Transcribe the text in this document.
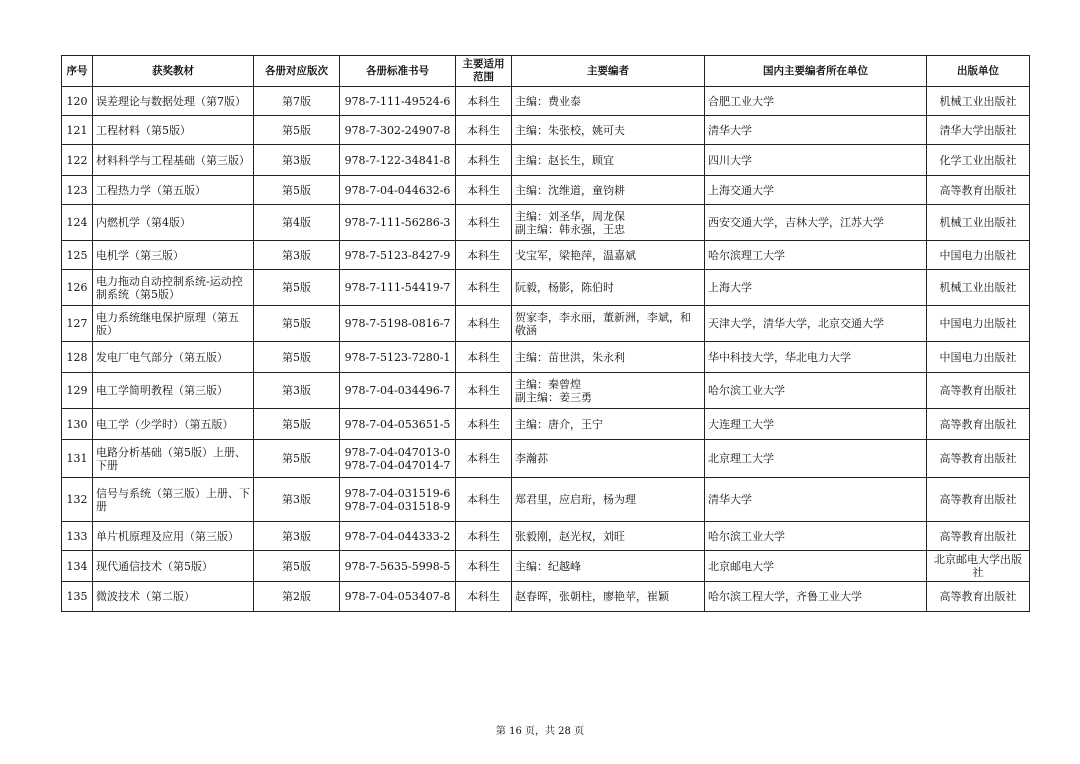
序号	获奖教材	各册对应版次	各册标准书号	主要适用范围	主要编者	国内主要编者所在单位	出版单位
120	误差理论与数据处理（第7版）	第7版	978-7-111-49524-6	本科生	主编：费业泰	合肥工业大学	机械工业出版社
121	工程材料（第5版）	第5版	978-7-302-24907-8	本科生	主编：朱张校，姚可夫	清华大学	清华大学出版社
122	材料科学与工程基础（第三版）	第3版	978-7-122-34841-8	本科生	主编：赵长生，顾宜	四川大学	化学工业出版社
123	工程热力学（第五版）	第5版	978-7-04-044632-6	本科生	主编：沈维道，童钧耕	上海交通大学	高等教育出版社
124	内燃机学（第4版）	第4版	978-7-111-56286-3	本科生	主编：刘圣华，周龙保
副主编：韩永强，王忠	西安交通大学，吉林大学，江苏大学	机械工业出版社
125	电机学（第三版）	第3版	978-7-5123-8427-9	本科生	戈宝军，梁艳萍，温嘉斌	哈尔滨理工大学	中国电力出版社
126	电力拖动自动控制系统-运动控制系统（第5版）	第5版	978-7-111-54419-7	本科生	阮毅，杨影，陈伯时	上海大学	机械工业出版社
127	电力系统继电保护原理（第五版）	第5版	978-7-5198-0816-7	本科生	贺家李，李永丽，董新洲，李斌，和敬涵	天津大学，清华大学，北京交通大学	中国电力出版社
128	发电厂电气部分（第五版）	第5版	978-7-5123-7280-1	本科生	主编：苗世洪，朱永利	华中科技大学，华北电力大学	中国电力出版社
129	电工学简明教程（第三版）	第3版	978-7-04-034496-7	本科生	主编：秦曾煌
副主编：姜三勇	哈尔滨工业大学	高等教育出版社
130	电工学（少学时）（第五版）	第5版	978-7-04-053651-5	本科生	主编：唐介，王宁	大连理工大学	高等教育出版社
131	电路分析基础（第5版）上册、下册	第5版	978-7-04-047013-0
978-7-04-047014-7	本科生	李瀚荪	北京理工大学	高等教育出版社
132	信号与系统（第三版）上册、下册	第3版	978-7-04-031519-6
978-7-04-031518-9	本科生	郑君里，应启珩，杨为理	清华大学	高等教育出版社
133	单片机原理及应用（第三版）	第3版	978-7-04-044333-2	本科生	张毅刚，赵光权，刘旺	哈尔滨工业大学	高等教育出版社
134	现代通信技术（第5版）	第5版	978-7-5635-5998-5	本科生	主编：纪越峰	北京邮电大学	北京邮电大学出版社
135	微波技术（第二版）	第2版	978-7-04-053407-8	本科生	赵春晖，张朝柱，廖艳苹，崔颖	哈尔滨工程大学，齐鲁工业大学	高等教育出版社
第 16 页，共 28 页
